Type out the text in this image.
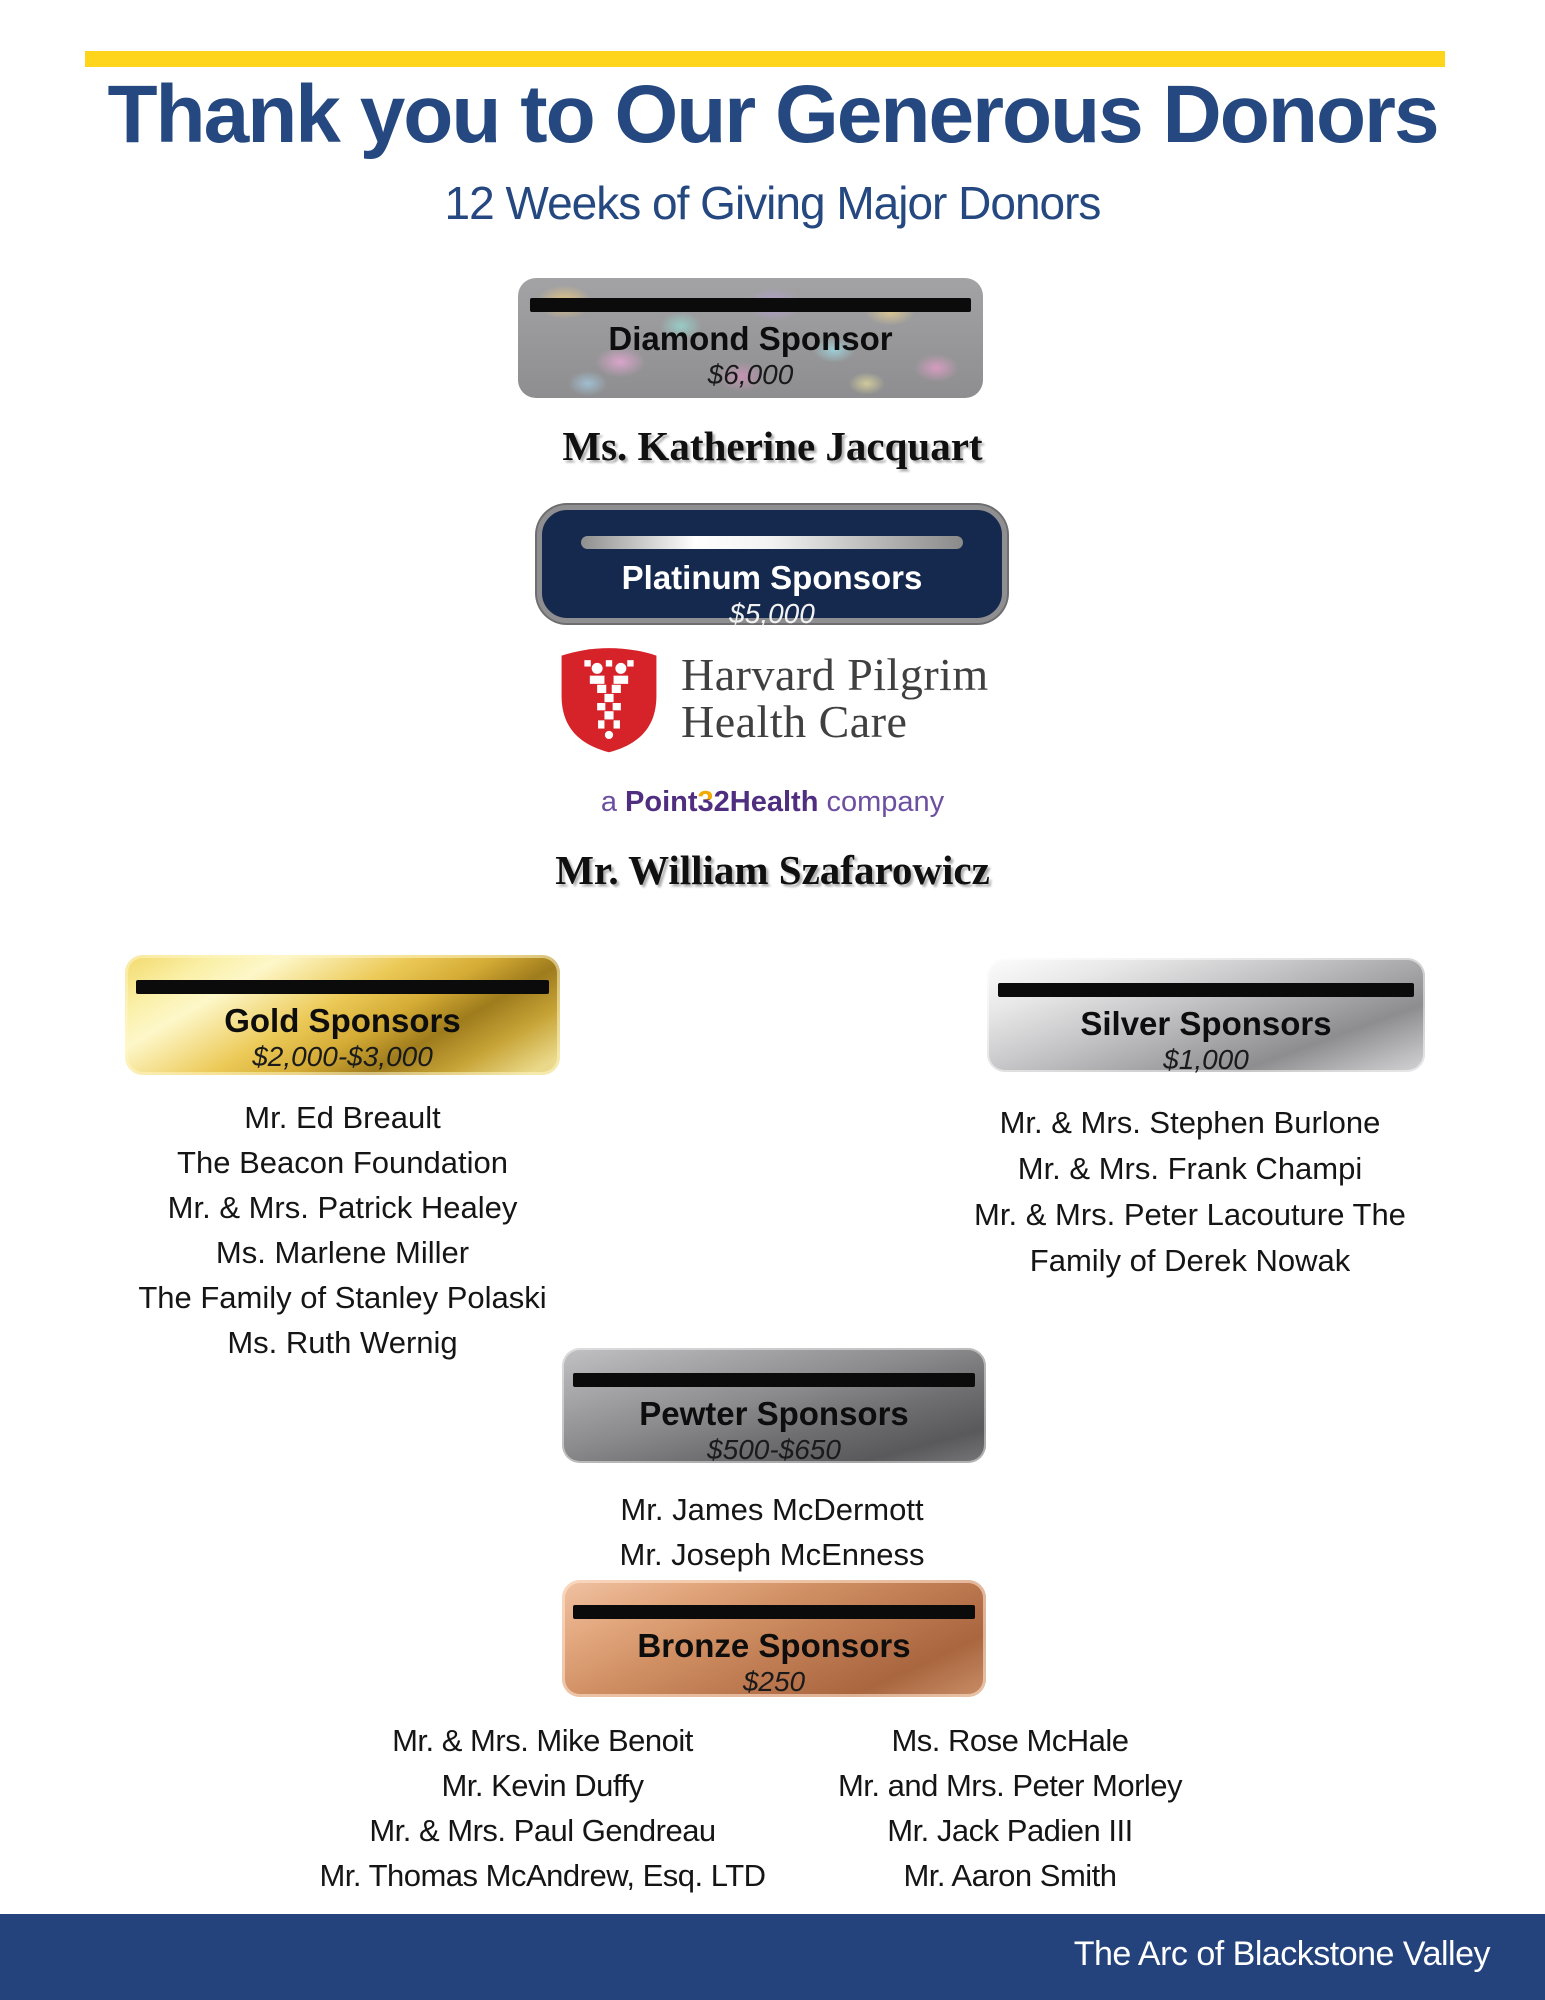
Thank you to Our Generous Donors
12 Weeks of Giving Major Donors
Diamond Sponsor
$6,000
Ms. Katherine Jacquart
Platinum Sponsors
$5,000
Harvard Pilgrim
Health Care
a Point32Health company
Mr. William Szafarowicz
Gold Sponsors
$2,000-$3,000
Mr. Ed Breault
The Beacon Foundation
Mr. & Mrs. Patrick Healey
Ms. Marlene Miller
The Family of Stanley Polaski
Ms. Ruth Wernig
Silver Sponsors
$1,000
Mr. & Mrs. Stephen Burlone
Mr. & Mrs. Frank Champi
Mr. & Mrs. Peter Lacouture The Family of Derek Nowak
Pewter Sponsors
$500-$650
Mr. James McDermott
Mr. Joseph McEnness
Bronze Sponsors
$250
Mr. & Mrs. Mike Benoit
Mr. Kevin Duffy
Mr. & Mrs. Paul Gendreau
Mr. Thomas McAndrew, Esq. LTD
Ms. Rose McHale
Mr. and Mrs. Peter Morley
Mr. Jack Padien III
Mr. Aaron Smith
The Arc of Blackstone Valley
